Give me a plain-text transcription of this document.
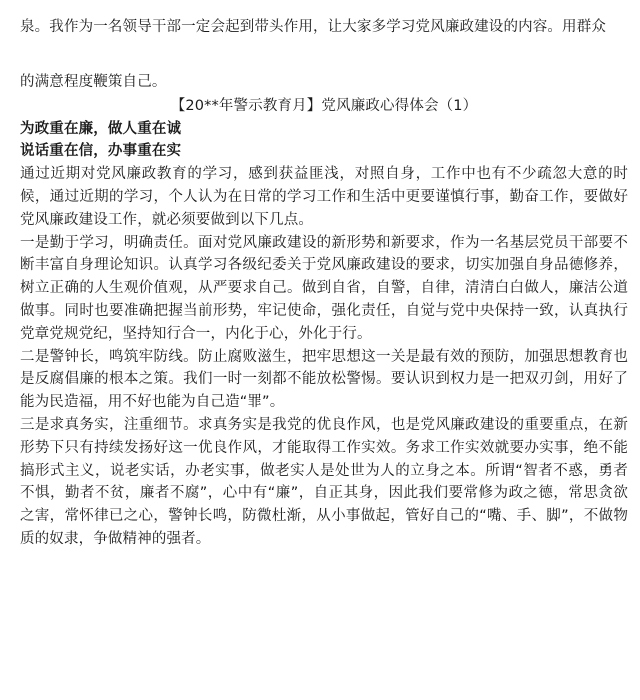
泉。我作为一名领导干部一定会起到带头作用，让大家多学习党风廉政建设的内容。用群众
的满意程度鞭策自己。
【20**年警示教育月】党风廉政心得体会（1）
为政重在廉，做人重在诚
说话重在信，办事重在实
通过近期对党风廉政教育的学习，感到获益匪浅，对照自身，工作中也有不少疏忽大意的时候，通过近期的学习，个人认为在日常的学习工作和生活中更要谨慎行事，勤奋工作，要做好党风廉政建设工作，就必须要做到以下几点。
一是勤于学习，明确责任。面对党风廉政建设的新形势和新要求，作为一名基层党员干部要不断丰富自身理论知识。认真学习各级纪委关于党风廉政建设的要求，切实加强自身品德修养，树立正确的人生观价值观，从严要求自己。做到自省，自警，自律，清清白白做人，廉洁公道做事。同时也要准确把握当前形势，牢记使命，强化责任，自觉与党中央保持一致，认真执行党章党规党纪，坚持知行合一，内化于心，外化于行。
二是警钟长，鸣筑牢防线。防止腐败滋生，把牢思想这一关是最有效的预防，加强思想教育也是反腐倡廉的根本之策。我们一时一刻都不能放松警惕。要认识到权力是一把双刃剑，用好了能为民造福，用不好也能为自己造“罪”。
三是求真务实，注重细节。求真务实是我党的优良作风，也是党风廉政建设的重要重点，在新形势下只有持续发扬好这一优良作风，才能取得工作实效。务求工作实效就要办实事，绝不能搞形式主义，说老实话，办老实事，做老实人是处世为人的立身之本。所谓“智者不惑，勇者不惧，勤者不贫，廉者不腐”，心中有“廉”，自正其身，因此我们要常修为政之德，常思贪欲之害，常怀律已之心，警钟长鸣，防微杜渐，从小事做起，管好自己的“嘴、手、脚”，不做物质的奴隶，争做精神的强者。
